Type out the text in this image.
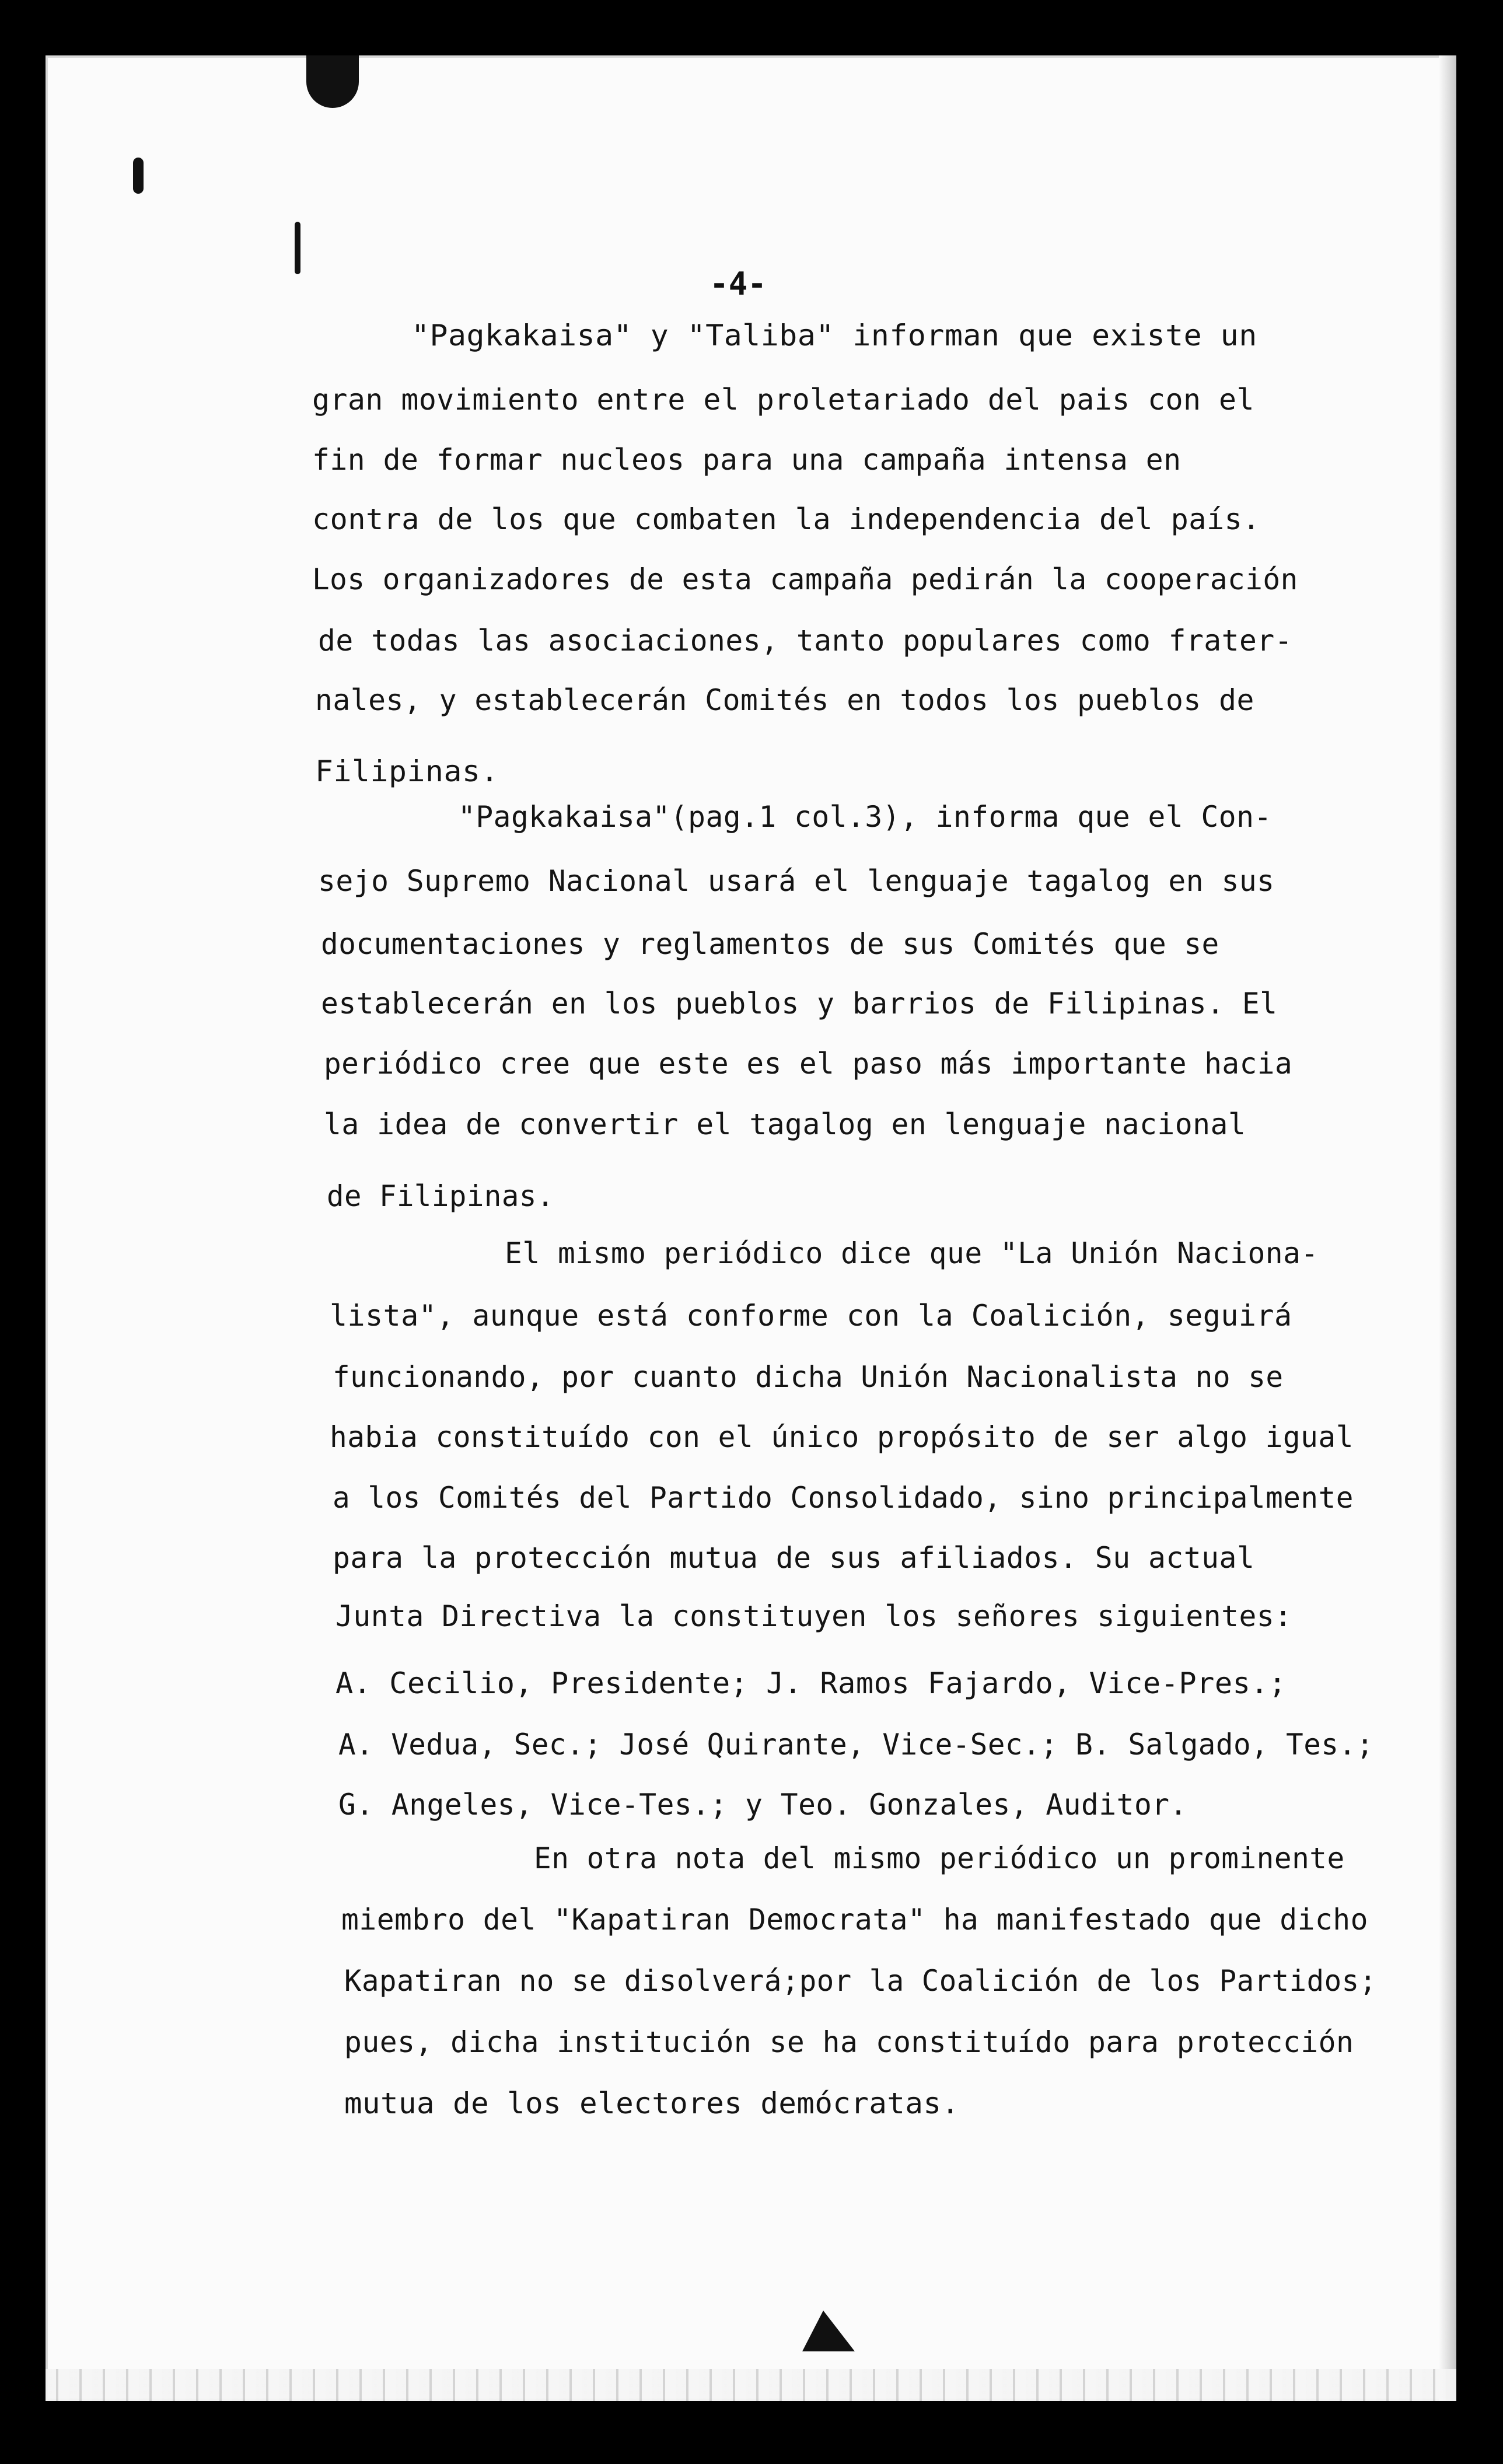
-4-
"Pagkakaisa" y "Taliba" informan que existe un
gran movimiento entre el proletariado del pais con el
fin de formar nucleos para una campaña intensa en
contra de los que combaten la independencia del país.
Los organizadores de esta campaña pedirán la cooperación
de todas las asociaciones, tanto populares como frater-
nales, y establecerán Comités en todos los pueblos de
Filipinas.
"Pagkakaisa"(pag.1 col.3), informa que el Con-
sejo Supremo Nacional usará el lenguaje tagalog en sus
documentaciones y reglamentos de sus Comités que se
establecerán en los pueblos y barrios de Filipinas. El
periódico cree que este es el paso más importante hacia
la idea de convertir el tagalog en lenguaje nacional
de Filipinas.
El mismo periódico dice que "La Unión Naciona-
lista", aunque está conforme con la Coalición, seguirá
funcionando, por cuanto dicha Unión Nacionalista no se
habia constituído con el único propósito de ser algo igual
a los Comités del Partido Consolidado, sino principalmente
para la protección mutua de sus afiliados. Su actual
Junta Directiva la constituyen los señores siguientes:
A. Cecilio, Presidente; J. Ramos Fajardo, Vice-Pres.;
A. Vedua, Sec.; José Quirante, Vice-Sec.; B. Salgado, Tes.;
G. Angeles, Vice-Tes.; y Teo. Gonzales, Auditor.
En otra nota del mismo periódico un prominente
miembro del "Kapatiran Democrata" ha manifestado que dicho
Kapatiran no se disolverá;por la Coalición de los Partidos;
pues, dicha institución se ha constituído para protección
mutua de los electores demócratas.
